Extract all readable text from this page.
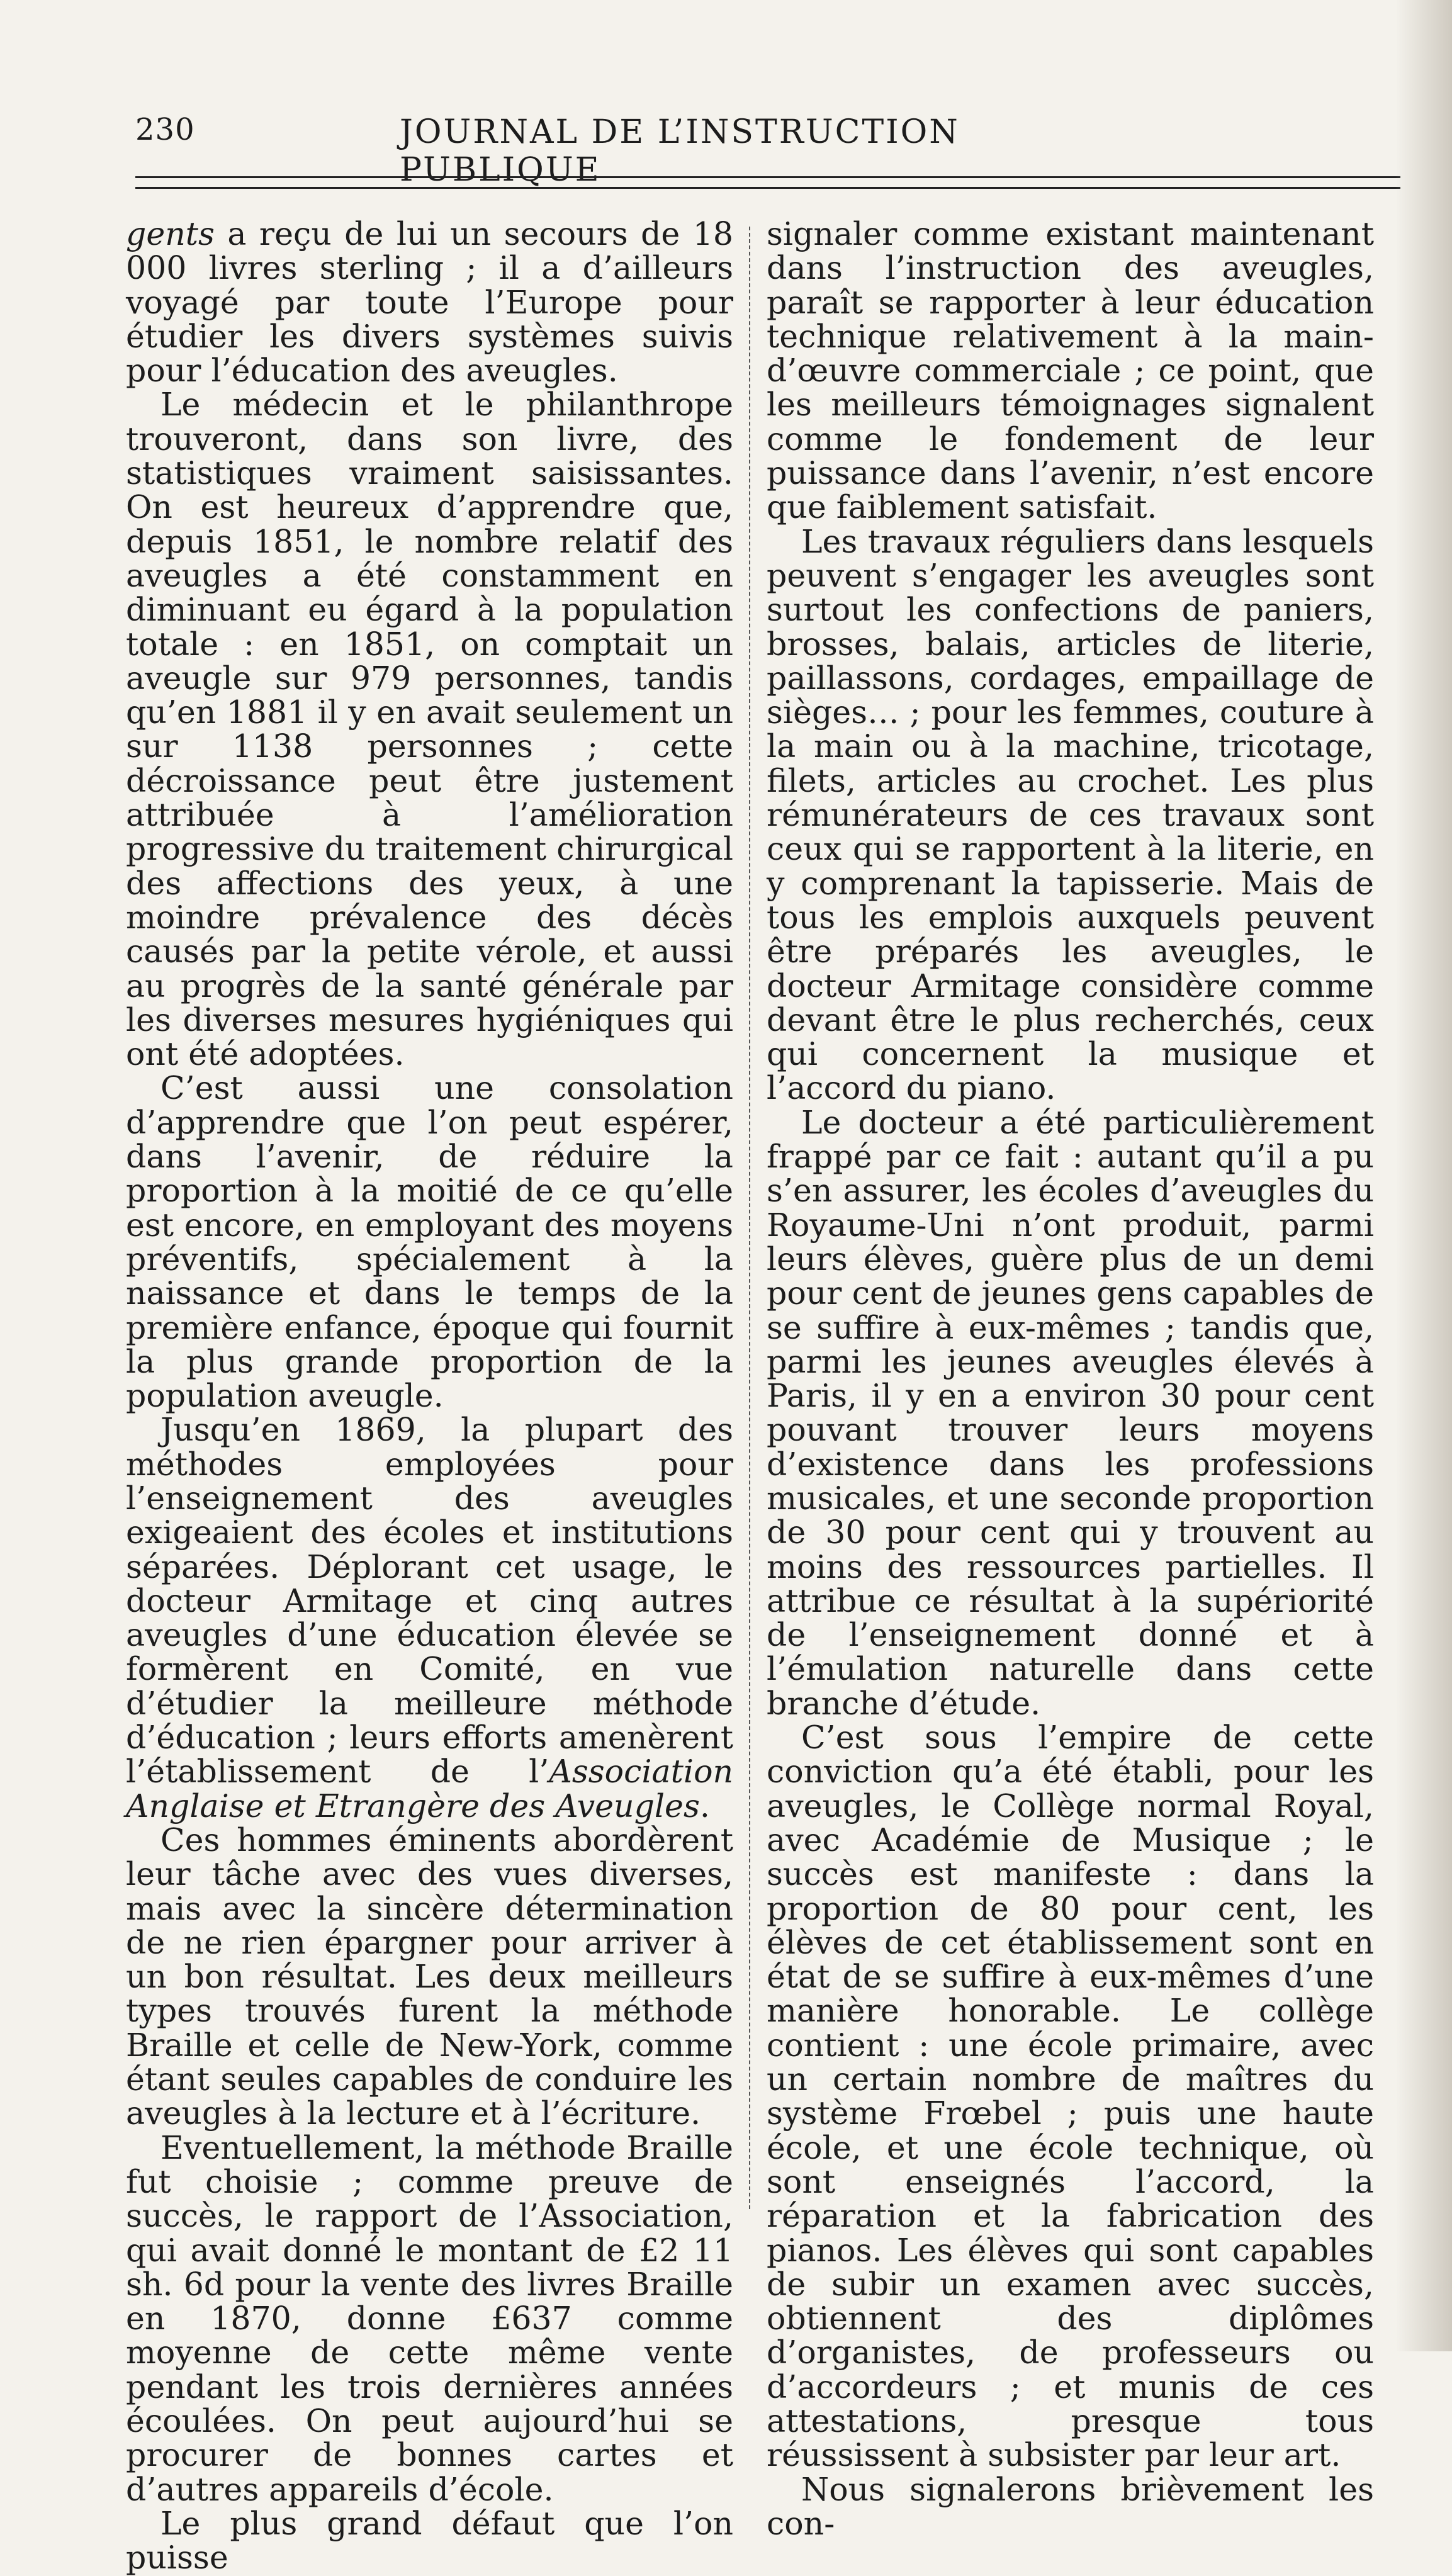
230	JOURNAL DE L’INSTRUCTION PUBLIQUE

gents a reçu de lui un secours de 18 000 livres sterling ; il a d’ailleurs voyagé par toute l’Europe pour étudier les divers systèmes suivis pour l’éducation des aveugles.

Le médecin et le philanthrope trouveront, dans son livre, des statistiques vraiment saisissantes. On est heureux d’apprendre que, depuis 1851, le nombre relatif des aveugles a été constamment en diminuant eu égard à la population totale : en 1851, on comptait un aveugle sur 979 personnes, tandis qu’en 1881 il y en avait seulement un sur 1138 personnes ; cette décroissance peut être justement attribuée à l’amélioration progressive du traitement chirurgical des affections des yeux, à une moindre prévalence des décès causés par la petite vérole, et aussi au progrès de la santé générale par les diverses mesures hygiéniques qui ont été adoptées.

C’est aussi une consolation d’apprendre que l’on peut espérer, dans l’avenir, de réduire la proportion à la moitié de ce qu’elle est encore, en employant des moyens préventifs, spécialement à la naissance et dans le temps de la première enfance, époque qui fournit la plus grande proportion de la population aveugle.

Jusqu’en 1869, la plupart des méthodes employées pour l’enseignement des aveugles exigeaient des écoles et institutions séparées. Déplorant cet usage, le docteur Armitage et cinq autres aveugles d’une éducation élevée se formèrent en Comité, en vue d’étudier la meilleure méthode d’éducation ; leurs efforts amenèrent l’établissement de l’Association Anglaise et Etrangère des Aveugles.

Ces hommes éminents abordèrent leur tâche avec des vues diverses, mais avec la sincère détermination de ne rien épargner pour arriver à un bon résultat. Les deux meilleurs types trouvés furent la méthode Braille et celle de New-York, comme étant seules capables de conduire les aveugles à la lecture et à l’écriture.

Eventuellement, la méthode Braille fut choisie ; comme preuve de succès, le rapport de l’Association, qui avait donné le montant de £2 11 sh. 6d pour la vente des livres Braille en 1870, donne £637 comme moyenne de cette même vente pendant les trois dernières années écoulées. On peut aujourd’hui se procurer de bonnes cartes et d’autres appareils d’école.

Le plus grand défaut que l’on puisse

signaler comme existant maintenant dans l’instruction des aveugles, paraît se rapporter à leur éducation technique relativement à la main-d’œuvre commerciale ; ce point, que les meilleurs témoignages signalent comme le fondement de leur puissance dans l’avenir, n’est encore que faiblement satisfait.

Les travaux réguliers dans lesquels peuvent s’engager les aveugles sont surtout les confections de paniers, brosses, balais, articles de literie, paillassons, cordages, empaillage de sièges… ; pour les femmes, couture à la main ou à la machine, tricotage, filets, articles au crochet. Les plus rémunérateurs de ces travaux sont ceux qui se rapportent à la literie, en y comprenant la tapisserie. Mais de tous les emplois auxquels peuvent être préparés les aveugles, le docteur Armitage considère comme devant être le plus recherchés, ceux qui concernent la musique et l’accord du piano.

Le docteur a été particulièrement frappé par ce fait : autant qu’il a pu s’en assurer, les écoles d’aveugles du Royaume-Uni n’ont produit, parmi leurs élèves, guère plus de un demi pour cent de jeunes gens capables de se suffire à eux-mêmes ; tandis que, parmi les jeunes aveugles élevés à Paris, il y en a environ 30 pour cent pouvant trouver leurs moyens d’existence dans les professions musicales, et une seconde proportion de 30 pour cent qui y trouvent au moins des ressources partielles. Il attribue ce résultat à la supériorité de l’enseignement donné et à l’émulation naturelle dans cette branche d’étude.

C’est sous l’empire de cette conviction qu’a été établi, pour les aveugles, le Collège normal Royal, avec Académie de Musique ; le succès est manifeste : dans la proportion de 80 pour cent, les élèves de cet établissement sont en état de se suffire à eux-mêmes d’une manière honorable. Le collège contient : une école primaire, avec un certain nombre de maîtres du système Frœbel ; puis une haute école, et une école technique, où sont enseignés l’accord, la réparation et la fabrication des pianos. Les élèves qui sont capables de subir un examen avec succès, obtiennent des diplômes d’organistes, de professeurs ou d’accordeurs ; et munis de ces attestations, presque tous réussissent à subsister par leur art.

Nous signalerons brièvement les con-
